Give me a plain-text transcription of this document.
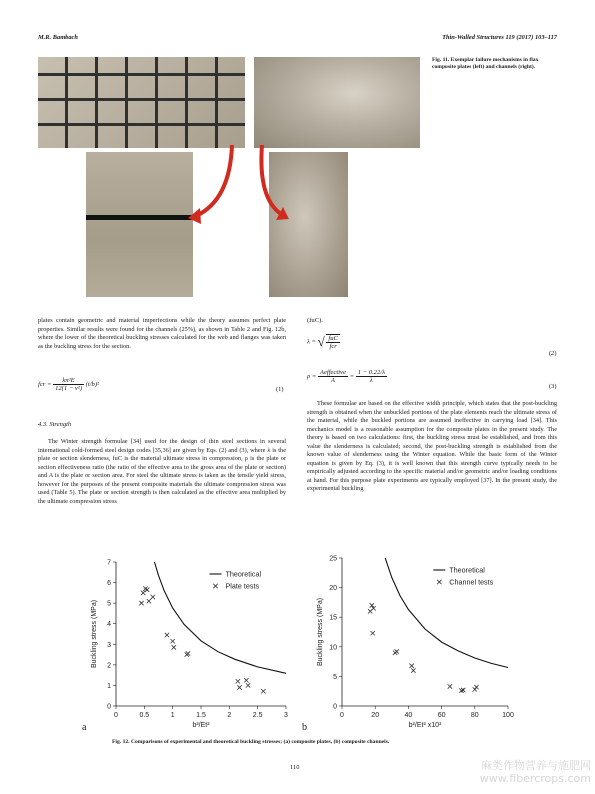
M.R. Bambach	Thin-Walled Structures 119 (2017) 103–117
Fig. 11. Exemplar failure mechanisms in flax composite plates (left) and channels (right).

plates contain geometric and material imperfections while the theory assumes perfect plate properties. Similar results were found for the channels (25%), as shown in Table 2 and Fig. 12b, where the lower of the theoretical buckling stresses calculated for the web and flanges was taken as the buckling stress for the section.

fcr = $\frac{\text{kπ²E}}{\text{12(1 − ν²)}} (t/b)^2$
(1)
4.3. Strength

The Winter strength formulae [34] used for the design of thin steel sections in several international cold-formed steel design codes [35,36] are given by Eqs. (2) and (3), where λ is the plate or section slenderness, fuC is the material ultimate stress in compression, ρ is the plate or section effectiveness ratio (the ratio of the effective area to the gross area of the plate or section) and A is the plate or section area. For steel the ultimate stress is taken as the tensile yield stress, however for the purposes of the present composite materials the ultimate compression stress was used (Table 5). The plate or section strength is then calculated as the effective area multiplied by the ultimate compression stress

(fuC).
λ = √ fuC
fcr
(2)
ρ =
Aeffective
A
= $\frac{1 - 0.22/\lambda}{\lambda}$
(3)

These formulae are based on the effective width principle, which states that the post-buckling strength is obtained when the unbuckled portions of the plate elements reach the ultimate stress of the material, while the buckled portions are assumed ineffective in carrying load [34]. This mechanics model is a reasonable assumption for the composite plates in the present study. The theory is based on two calculations: first, the buckling stress must be established, and from this value the slenderness is calculated; second, the post-buckling strength is established from the known value of slenderness using the Winter equation. While the basic form of the Winter equation is given by Eq. (3), it is well known that this strength curve typically needs to be empirically adjusted according to the specific material and/or geometric and/or loading conditions at hand. For this purpose plate experiments are typically employed [37]. In the present study, the experimental buckling

0	0.5	1	1.5	2	2.5	3
0
1
2
3
4
5
6
7
b²/Et²
Buckling stress (MPa)
Theoretical
Plate tests
0	20	40	60	80	100
0
5
10
15
20
25
b²/Et² x10³
Buckling stress (MPa)
Theoretical
Channel tests
a	b
Fig. 12. Comparisons of experimental and theoretical buckling stresses; (a) composite plates, (b) composite channels.
110	麻类作物营养与施肥网
www.fibercrops.com
